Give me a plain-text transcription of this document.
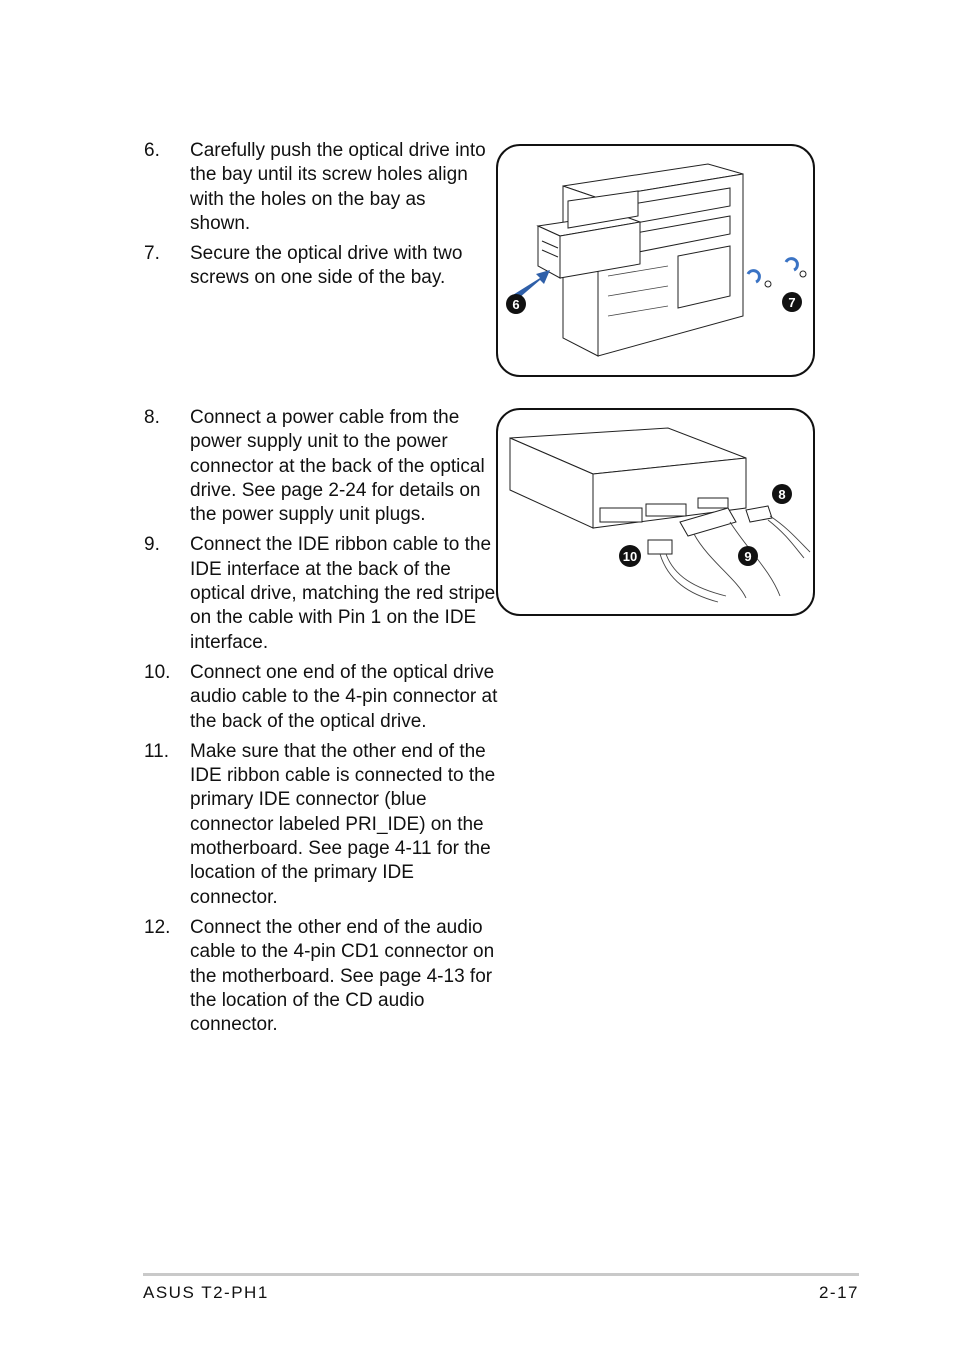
6. Carefully push the optical drive into the bay until its screw holes align with the holes on the bay as shown.
7. Secure the optical drive with two screws on one side of the bay.
6	7
8. Connect a power cable from the power supply unit to the power connector at the back of the optical drive. See page 2-24 for details on the power supply unit plugs.
9. Connect the IDE ribbon cable to the IDE interface at the back of the optical drive, matching the red stripe on the cable with Pin 1 on the IDE interface.
10. Connect one end of the optical drive audio cable to the 4-pin connector at the back of the optical drive.
11. Make sure that the other end of the IDE ribbon cable is connected to the primary IDE connector (blue connector labeled PRI_IDE) on the motherboard. See page 4-11 for the location of the primary IDE connector.
12. Connect the other end of the audio cable to the 4-pin CD1 connector on the motherboard. See page 4-13 for the location of the CD audio connector.
8
9
10
ASUS T2-PH1	2-17
